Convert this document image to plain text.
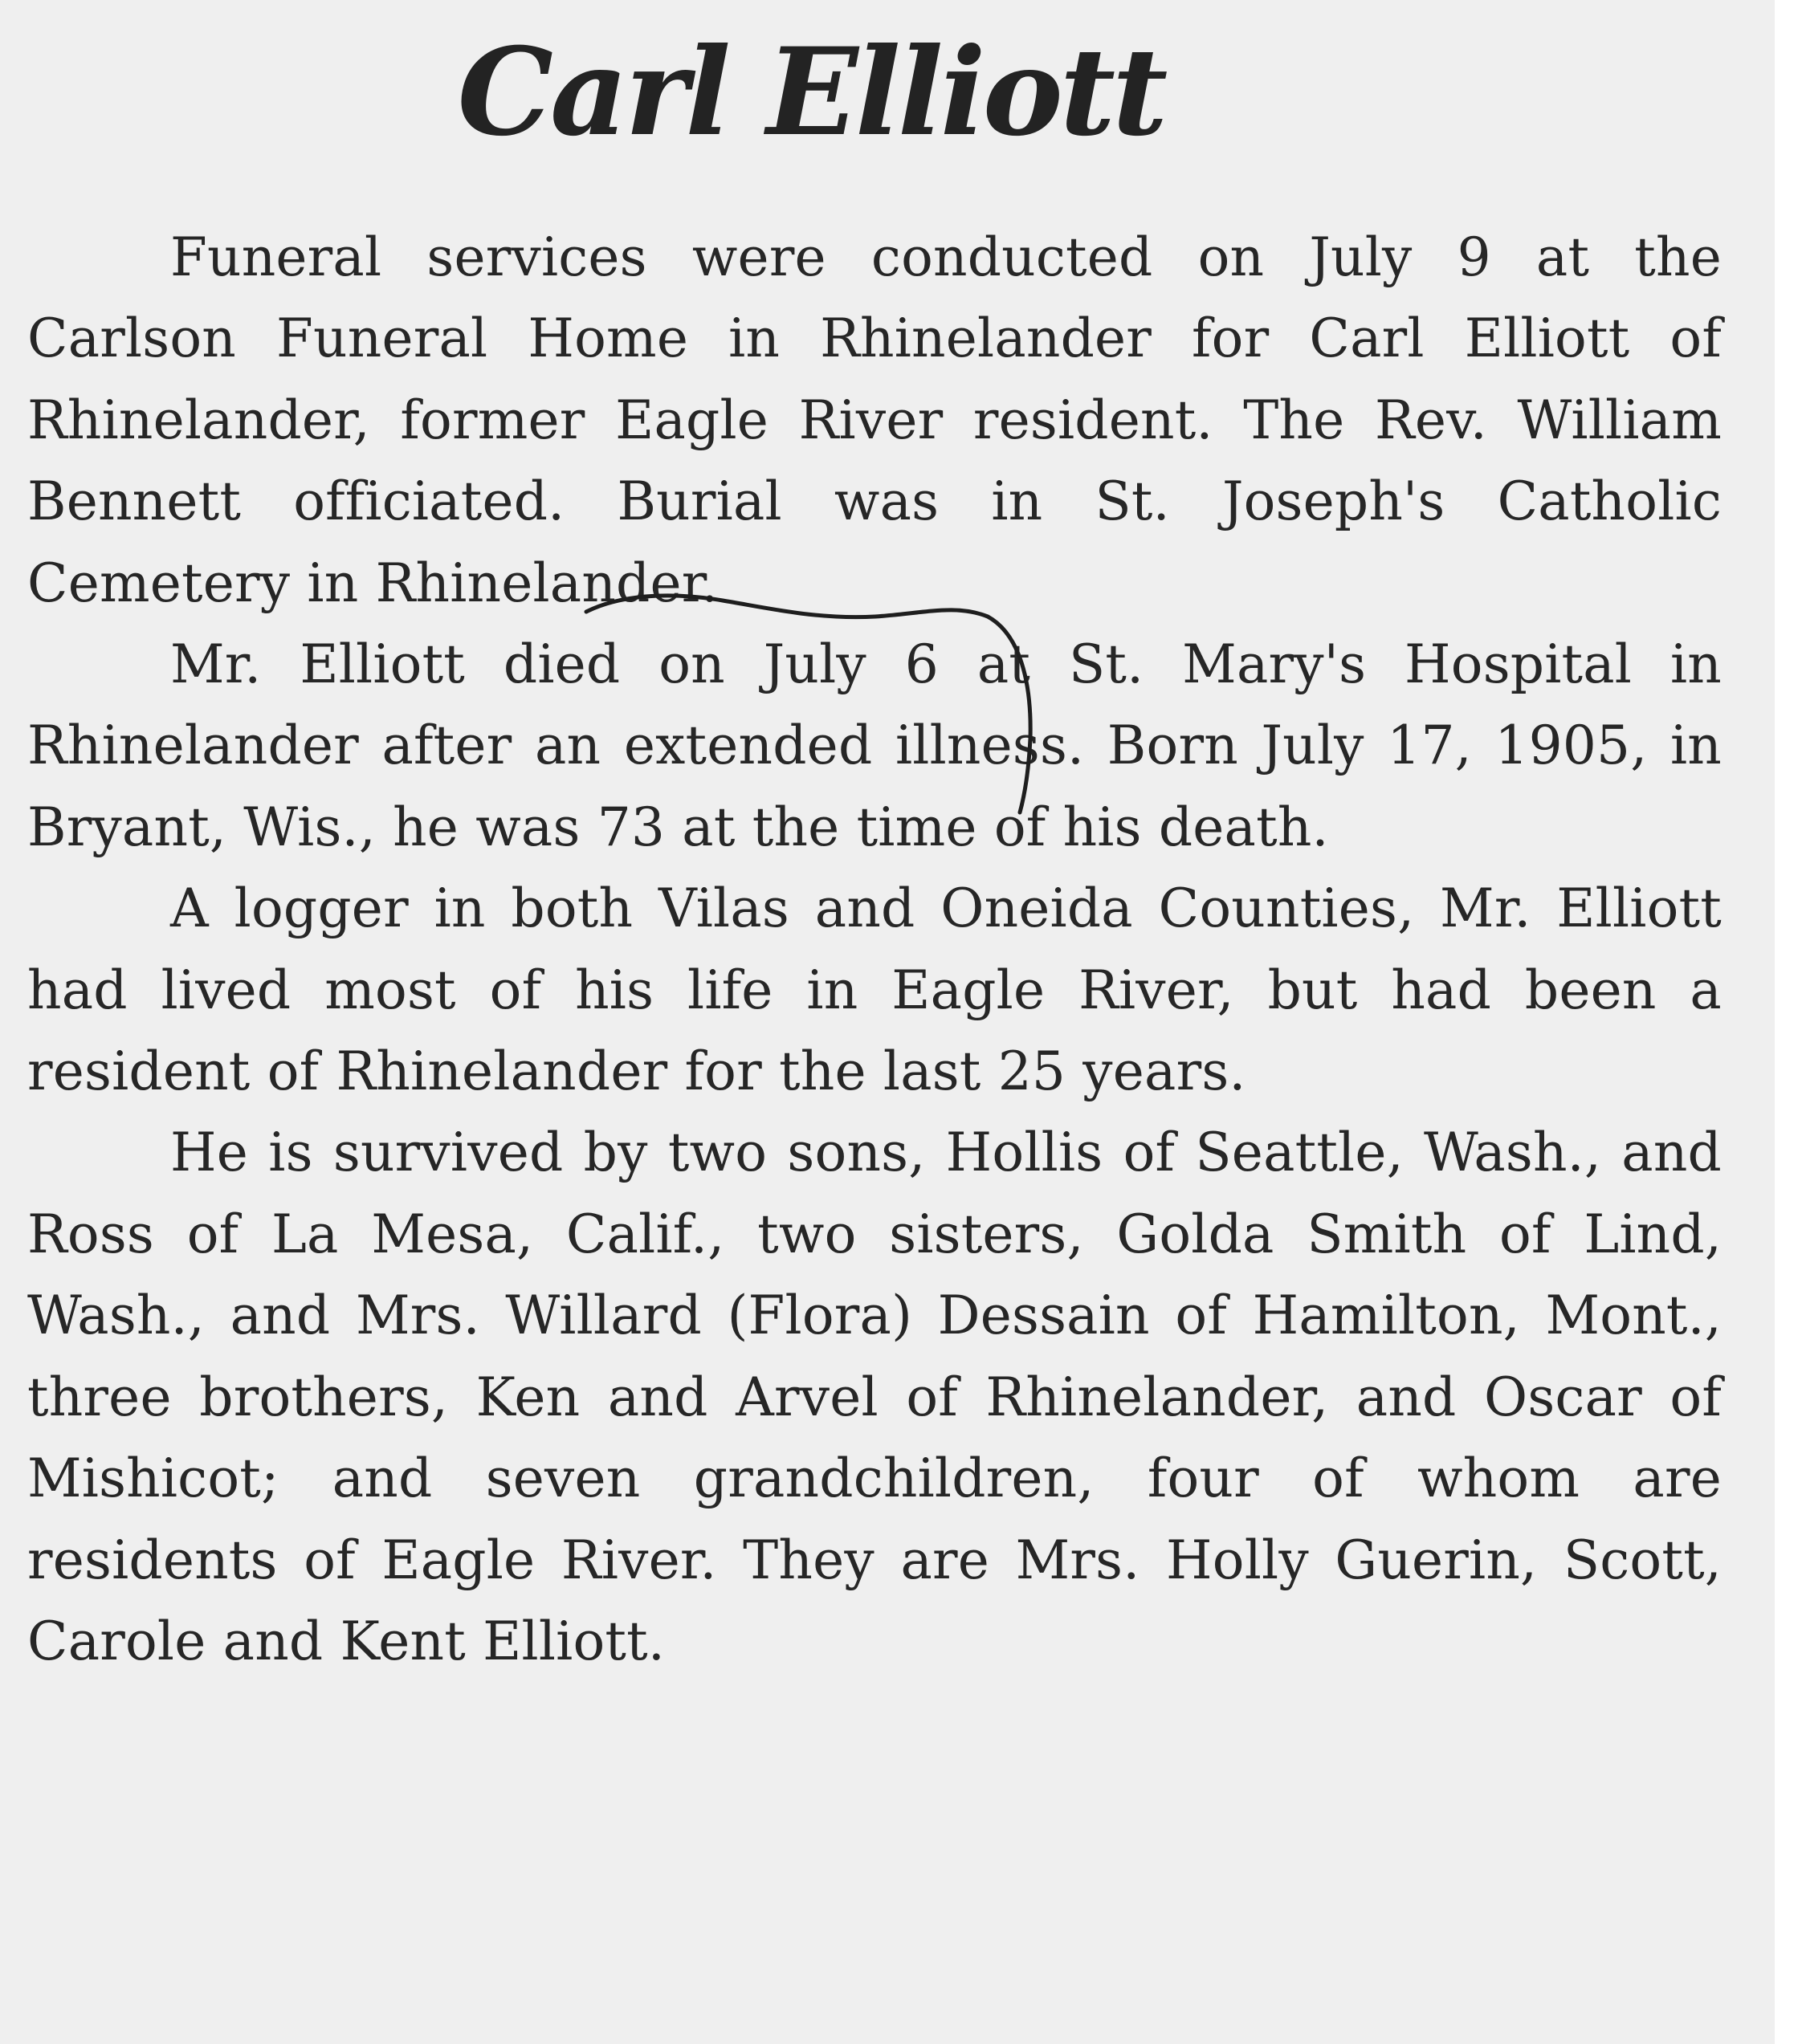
Carl Elliott

Funeral services were conducted on July 9 at the Carlson Funeral Home in Rhinelander for Carl Elliott of Rhinelander, former Eagle River resident. The Rev. William Bennett officiated. Burial was in St. Joseph's Catholic Cemetery in Rhinelander.

Mr. Elliott died on July 6 at St. Mary's Hospital in Rhinelander after an extended illness. Born July 17, 1905, in Bryant, Wis., he was 73 at the time of his death.

A logger in both Vilas and Oneida Counties, Mr. Elliott had lived most of his life in Eagle River, but had been a resident of Rhinelander for the last 25 years.

He is survived by two sons, Hollis of Seattle, Wash., and Ross of La Mesa, Calif., two sisters, Golda Smith of Lind, Wash., and Mrs. Willard (Flora) Dessain of Hamilton, Mont., three brothers, Ken and Arvel of Rhinelander, and Oscar of Mishicot; and seven grandchildren, four of whom are residents of Eagle River. They are Mrs. Holly Guerin, Scott, Carole and Kent Elliott.
